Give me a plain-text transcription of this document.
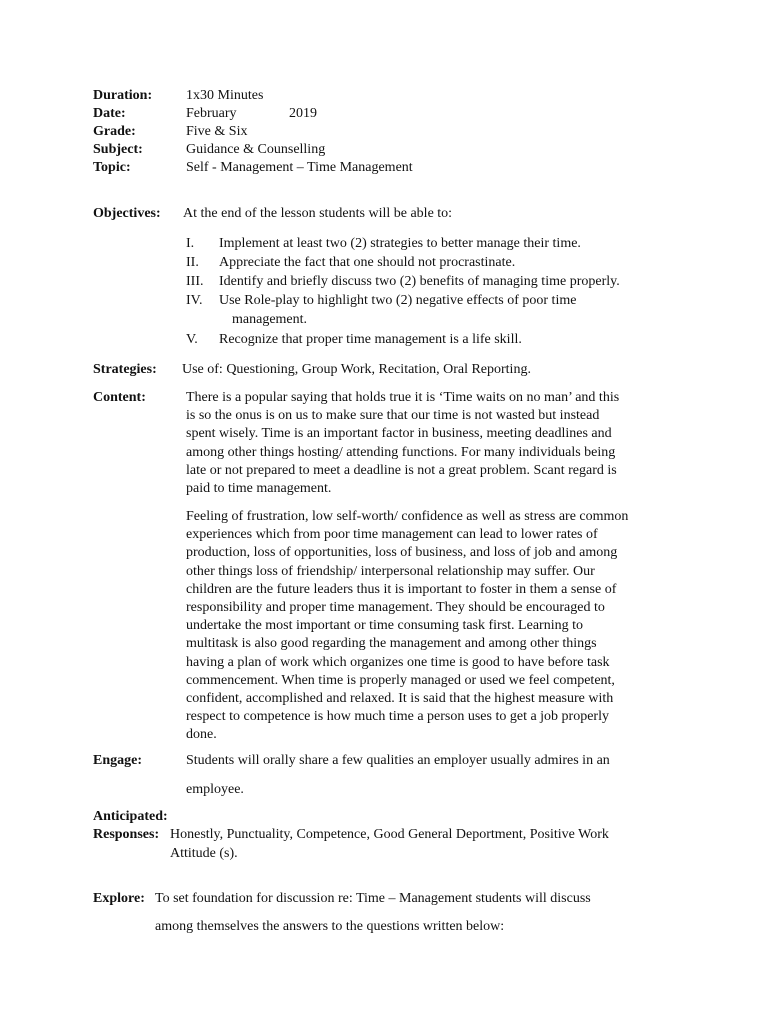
Duration: 1x30 Minutes
Date:	February	2019
Grade:	Five & Six
Subject:	Guidance & Counselling
Topic:	Self - Management – Time Management
Objectives: At the end of the lesson students will be able to:
I. Implement at least two (2) strategies to better manage their time.
II. Appreciate the fact that one should not procrastinate.
III. Identify and briefly discuss two (2) benefits of managing time properly.
IV. Use Role-play to highlight two (2) negative effects of poor time
management.
V. Recognize that proper time management is a life skill.
Strategies: Use of: Questioning, Group Work, Recitation, Oral Reporting.
Content:	There is a popular saying that holds true it is ‘Time waits on no man’ and this
is so the onus is on us to make sure that our time is not wasted but instead
spent wisely. Time is an important factor in business, meeting deadlines and
among other things hosting/ attending functions. For many individuals being
late or not prepared to meet a deadline is not a great problem. Scant regard is
paid to time management.
Feeling of frustration, low self-worth/ confidence as well as stress are common
experiences which from poor time management can lead to lower rates of
production, loss of opportunities, loss of business, and loss of job and among
other things loss of friendship/ interpersonal relationship may suffer. Our
children are the future leaders thus it is important to foster in them a sense of
responsibility and proper time management. They should be encouraged to
undertake the most important or time consuming task first. Learning to
multitask is also good regarding the management and among other things
having a plan of work which organizes one time is good to have before task
commencement. When time is properly managed or used we feel competent,
confident, accomplished and relaxed. It is said that the highest measure with
respect to competence is how much time a person uses to get a job properly
done.
Engage:	Students will orally share a few qualities an employer usually admires in an
employee.
Anticipated:
Responses: Honestly, Punctuality, Competence, Good General Deportment, Positive Work
Attitude (s).
Explore: To set foundation for discussion re: Time – Management students will discuss
among themselves the answers to the questions written below:
